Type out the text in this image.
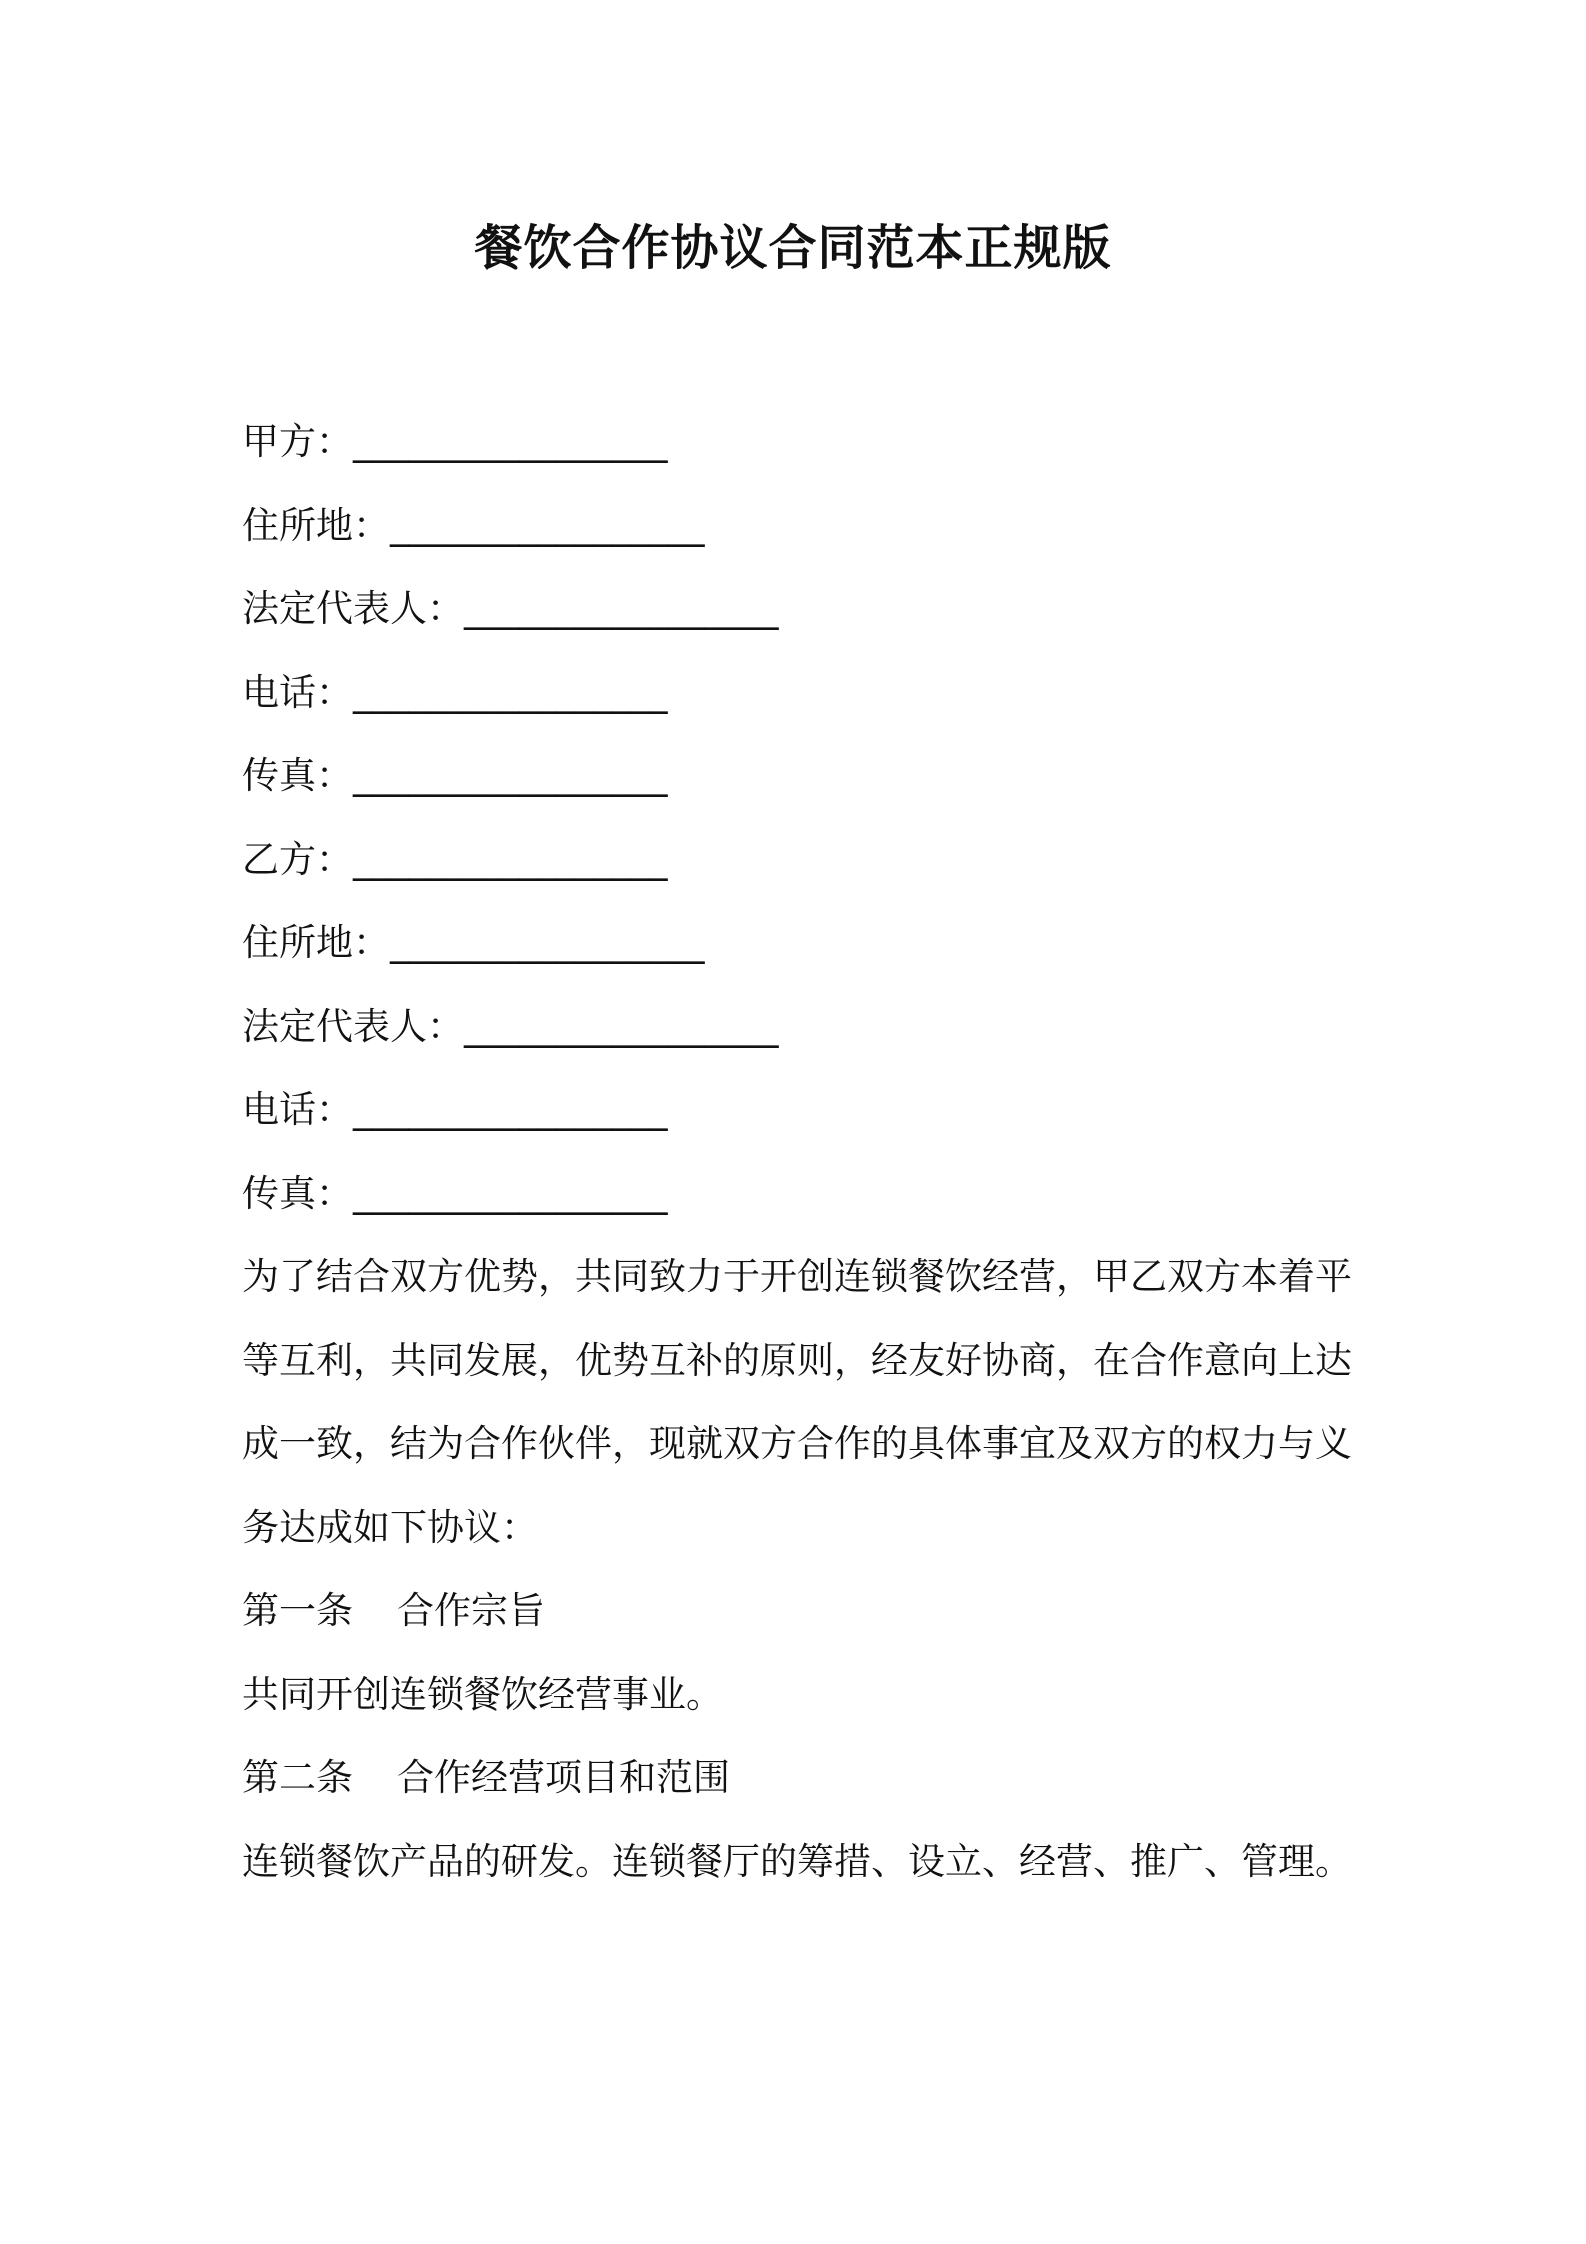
餐饮合作协议合同范本正规版
甲方：_________________
住所地：_________________
法定代表人：_________________
电话：_________________
传真：_________________
乙方：_________________
住所地：_________________
法定代表人：_________________
电话：_________________
传真：_________________
为了结合双方优势，共同致力于开创连锁餐饮经营，甲乙双方本着平等互利，共同发展，优势互补的原则，经友好协商，在合作意向上达成一致，结为合作伙伴，现就双方合作的具体事宜及双方的权力与义务达成如下协议：
第一条 合作宗旨
共同开创连锁餐饮经营事业。
第二条 合作经营项目和范围
连锁餐饮产品的研发。连锁餐厅的筹措、设立、经营、推广、管理。
